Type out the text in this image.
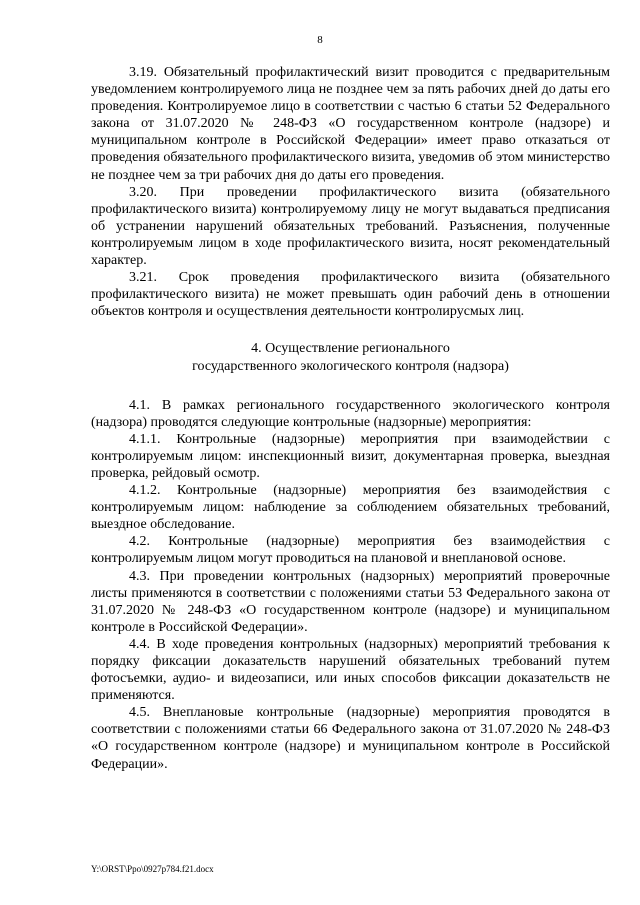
8

3.19. Обязательный профилактический визит проводится с предварительным уведомлением контролируемого лица не позднее чем за пять рабочих дней до даты его проведения. Контролируемое лицо в соответствии с частью 6 статьи 52 Федерального закона от 31.07.2020 № 248-ФЗ «О государственном контроле (надзоре) и муниципальном контроле в Российской Федерации» имеет право отказаться от проведения обязательного профилактического визита, уведомив об этом министерство не позднее чем за три рабочих дня до даты его проведения.

3.20. При проведении профилактического визита (обязательного профилактического визита) контролируемому лицу не могут выдаваться предписания об устранении нарушений обязательных требований. Разъяснения, полученные контролируемым лицом в ходе профилактического визита, носят рекомендательный характер.

3.21. Срок проведения профилактического визита (обязательного профилактического визита) не может превышать один рабочий день в отношении объектов контроля и осуществления деятельности контролирусмых лиц.

4. Осуществление регионального
государственного экологического контроля (надзора)

4.1. В рамках регионального государственного экологического контроля (надзора) проводятся следующие контрольные (надзорные) мероприятия:

4.1.1. Контрольные (надзорные) мероприятия при взаимодействии с контролируемым лицом: инспекционный визит, документарная проверка, выездная проверка, рейдовый осмотр.

4.1.2. Контрольные (надзорные) мероприятия без взаимодействия с контролируемым лицом: наблюдение за соблюдением обязательных требований, выездное обследование.

4.2. Контрольные (надзорные) мероприятия без взаимодействия с контролируемым лицом могут проводиться на плановой и внеплановой основе.

4.3. При проведении контрольных (надзорных) мероприятий проверочные листы применяются в соответствии с положениями статьи 53 Федерального закона от 31.07.2020 № 248-ФЗ «О государственном контроле (надзоре) и муниципальном контроле в Российской Федерации».

4.4. В ходе проведения контрольных (надзорных) мероприятий требования к порядку фиксации доказательств нарушений обязательных требований путем фотосъемки, аудио- и видеозаписи, или иных способов фиксации доказательств не применяются.

4.5. Внеплановые контрольные (надзорные) мероприятия проводятся в соответствии с положениями статьи 66 Федерального закона от 31.07.2020 № 248-ФЗ «О государственном контроле (надзоре) и муниципальном контроле в Российской Федерации».

Y:\ORST\Ppo\0927p784.f21.docx
